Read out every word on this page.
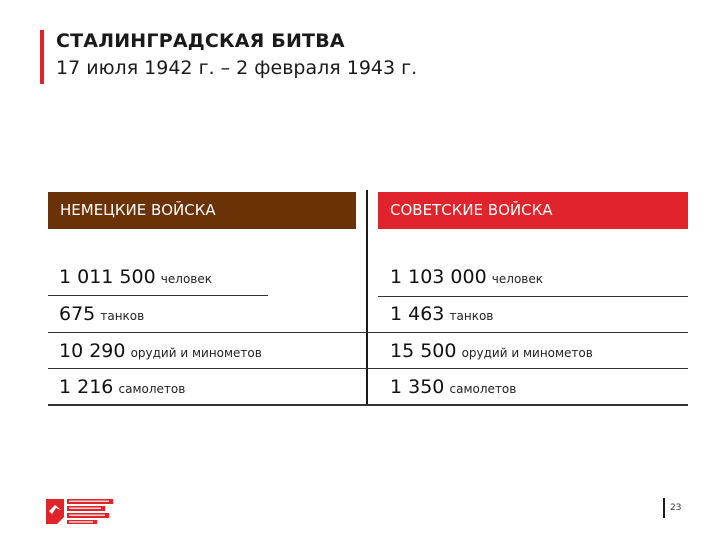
СТАЛИНГРАДСКАЯ БИТВА
17 июля 1942 г. – 2 февраля 1943 г.
НЕМЕЦКИЕ ВОЙСКА	СОВЕТСКИЕ ВОЙСКА
1 011 500 человек
675 танков
10 290 орудий и минометов
1 216 самолетов
1 103 000 человек
1 463 танков
15 500 орудий и минометов
1 350 самолетов
23
